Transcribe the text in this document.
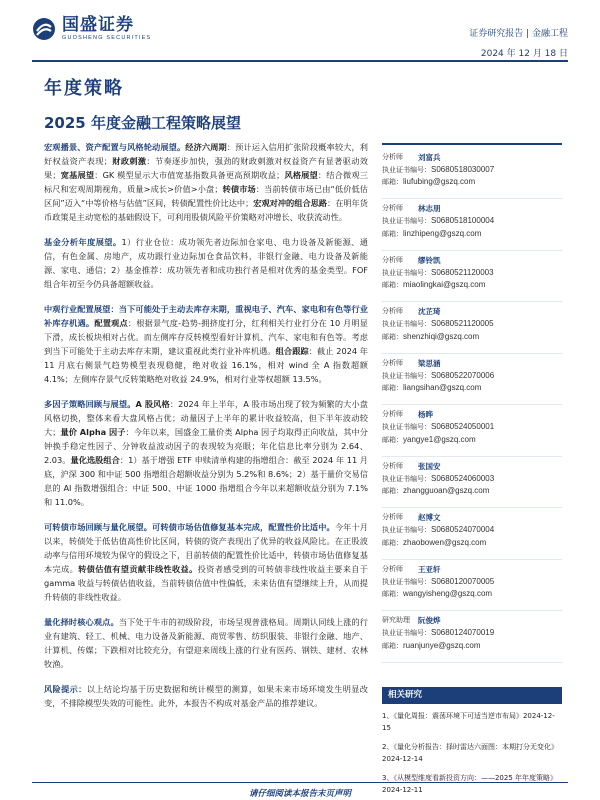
国盛证券
GUOSHENG SECURITIES	证券研究报告 | 金融工程
2024 年 12 月 18 日
年度策略
2025 年度金融工程策略展望
宏观播景、资产配置与风格轮动展望。经济六周期：预计运入信用扩张阶段概率较大，利好权益资产表现；财政刺激：节奏逐步加快，强劲的财政刺激对权益资产有显著驱动效果；宽基展望：GK 模型显示大市值宽基指数具备更高预期收益；风格展望：结合微观三标尺和宏观周期视角，质量>成长>价值>小盘；转债市场：当前转债市场已由“低价低估区间”迈入“中等价格与估值”区间，转债配置性价比达中；宏观对冲的组合思路：在明年货币政策是主动宽松的基础假设下，可利用股债风险平价策略对冲增长、收获流动性。
基金分析年度展望。1）行业仓位：成功领先者边际加仓家电、电力设备及新能源、通信，有色金属、房地产，成功跟行业边际加仓食品饮料，非银行金融、电力设备及新能源、家电、通信；2）基金推荐：成功领先者和成功独行者是相对优秀的基金类型。FOF 组合年初至今仍具备超额收益。
中观行业配置展望：当下可能处于主动去库存末期，重视电子、汽车、家电和有色等行业补库存机遇。配置观点：根据景气度-趋势-拥挤度打分，红利相关行业打分在 10 月明显下滑，成长板块相对占优。而左侧库存反转模型看好计算机、汽车、家电和有色等。考虑到当下可能处于主动去库存末期，建议重视此类行业补库机遇。组合跟踪：截止 2024 年 11 月底右侧景气趋势模型表现稳健，绝对收益 16.1%，相对 wind 全 A 指数超额 4.1%；左侧库存景气反转策略绝对收益 24.9%，相对行业等权超额 13.5%。
多因子策略回顾与展望。A 股风格：2024 年上半年，A 股市场出现了较为频繁的大小盘风格切换，整体来看大盘风格占优；动量因子上半年的累计收益较高，但下半年波动较大；量价 Alpha 因子：今年以来，国盛金工量价类 Alpha 因子均取得正向收益，其中分钟换手稳定性因子、分钟收益波动因子的表现较为亮眼；年化信息比率分别为 2.64、2.03。量化选股组合：1）基于增强 ETF 申赎清单构建的指增组合：截至 2024 年 11 月底，沪深 300 和中证 500 指增组合超额收益分别为 5.2%和 8.6%；2）基于量价交易信息的 AI 指数增强组合：中证 500、中证 1000 指增组合今年以来超额收益分别为 7.1%和 11.0%。
可转债市场回顾与量化展望。可转债市场估值修复基本完成，配置性价比适中。今年十月以来，转债处于低估值高性价比区间，转债的资产表现出了优异的收益风险比。在正股波动率与信用环境较为保守的假设之下，目前转债的配置性价比适中，转债市场估值修复基本完成。转债估值有望贡献非线性收益。投资者感受到的可转债非线性收益主要来自于 gamma 收益与转债估值收益，当前转债估值中性偏低，未来估值有望继续上升，从而提升转债的非线性收益。
量化择时核心观点。当下处于牛市的初级阶段，市场呈现普涨格局。周期认同线上涨的行业有建筑、轻工、机械、电力设备及新能源、商贸零售、纺织服装、非银行金融、地产、计算机、传媒；下跌相对比较充分，有望迎来周线上涨的行业有医药、钢铁、建材、农林牧渔。
风险提示：以上结论均基于历史数据和统计模型的测算，如果未来市场环境发生明显改变，不排除模型失效的可能性。此外，本报告不构成对基金产品的推荐建议。
分析师	刘富兵
执业证书编号：S0680518030007
邮箱：liufubing@gszq.com
分析师	林志朋
执业证书编号：S0680518100004
邮箱：linzhipeng@gszq.com
分析师	缪铃凯
执业证书编号：S0680521120003
邮箱：miaolingkai@gszq.com
分析师	沈芷琦
执业证书编号：S0680521120005
邮箱：shenzhiqi@gszq.com
分析师	梁思涵
执业证书编号：S0680522070006
邮箱：liangsihan@gszq.com
分析师	杨晔
执业证书编号：S0680524050001
邮箱：yangye1@gszq.com
分析师	张国安
执业证书编号：S0680524060003
邮箱：zhangguoan@gszq.com
分析师	赵博文
执业证书编号：S0680524070004
邮箱：zhaobowen@gszq.com
分析师	王亚轩
执业证书编号：S0680120070005
邮箱：wangyisheng@gszq.com
研究助理	阮俊烨
执业证书编号：S0680124070019
邮箱：ruanjunye@gszq.com
相关研究
1、《量化周报：震荡环境下可适当逆市布局》2024-12-15
2、《量化分析报告：择时雷达六面图：本期打分无变化》2024-12-14
3、《从模型维度看新投资方向：——2025 年年度策略》2024-12-11
请仔细阅读本报告末页声明
